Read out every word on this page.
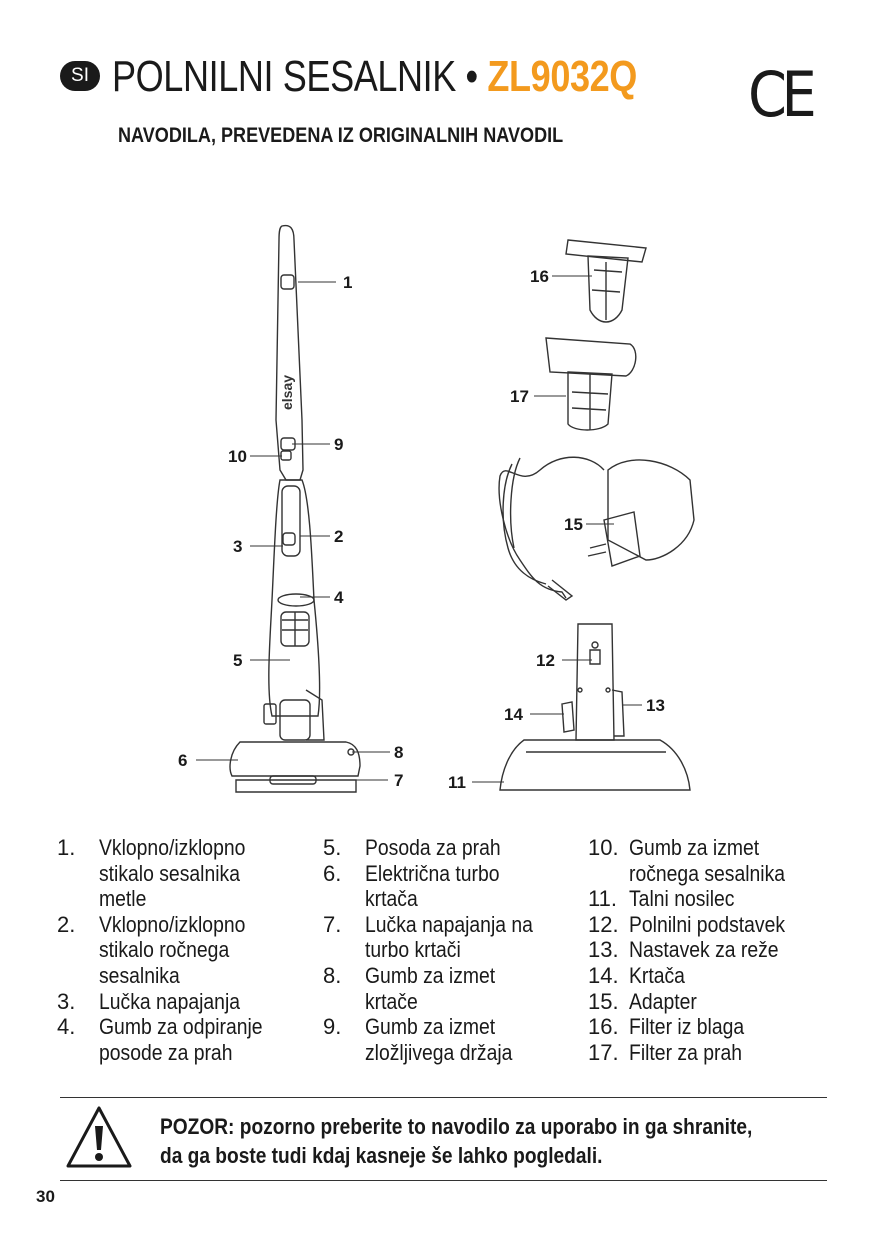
SI POLNILNI SESALNIK • ZL9032Q CE
NAVODILA, PREVEDENA IZ ORIGINALNIH NAVODIL
elsay
1
2
3
4
5
6
7
8
9
10
11
12
13
14
15
16
17
1.	Vklopno/izklopno
stikalo sesalnika
metle
2.	Vklopno/izklopno
stikalo ročnega
sesalnika
3.	Lučka napajanja
4.	Gumb za odpiranje
posode za prah
5.	Posoda za prah
6.	Električna turbo
krtača
7.	Lučka napajanja na
turbo krtači
8.	Gumb za izmet
krtače
9.	Gumb za izmet
zložljivega držaja
10. Gumb za izmet
ročnega sesalnika
11. Talni nosilec
12. Polnilni podstavek
13. Nastavek za reže
14. Krtača
15. Adapter
16. Filter iz blaga
17. Filter za prah
POZOR: pozorno preberite to navodilo za uporabo in ga shranite,
da ga boste tudi kdaj kasneje še lahko pogledali.
30
